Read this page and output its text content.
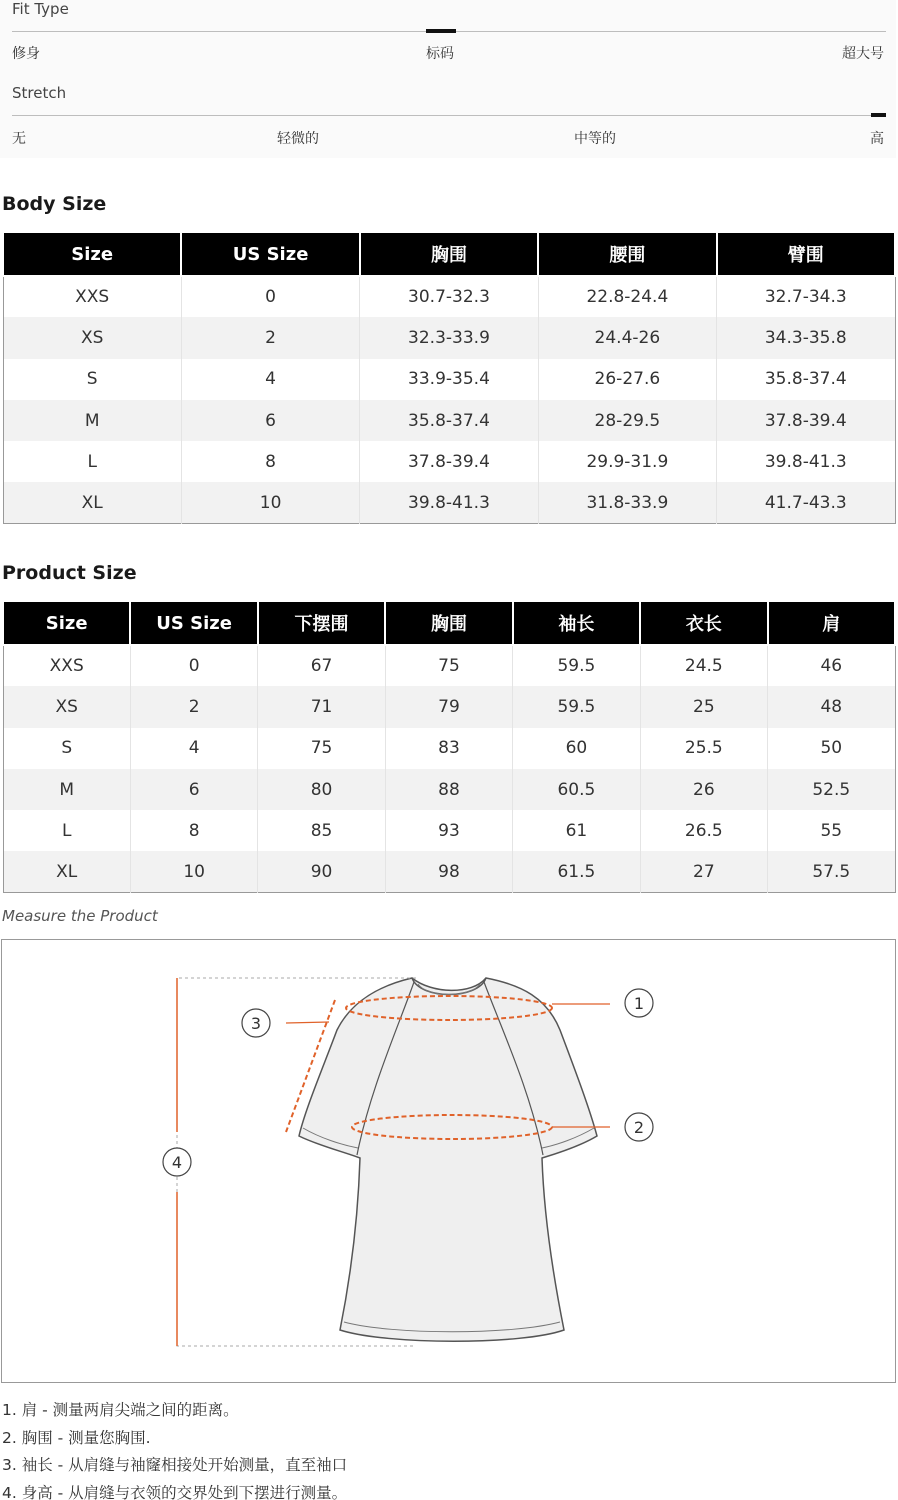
Fit Type
修身	标码	超大号
Stretch
无	轻微的	中等的	高
Body Size
Size	US Size	胸围	腰围	臂围
XXS	0	30.7-32.3	22.8-24.4	32.7-34.3
XS	2	32.3-33.9	24.4-26	34.3-35.8
S	4	33.9-35.4	26-27.6	35.8-37.4
M	6	35.8-37.4	28-29.5	37.8-39.4
L	8	37.8-39.4	29.9-31.9	39.8-41.3
XL	10	39.8-41.3	31.8-33.9	41.7-43.3
Product Size
Size	US Size	下摆围	胸围	袖长	衣长	肩
XXS	0	67	75	59.5	24.5	46
XS	2	71	79	59.5	25	48
S	4	75	83	60	25.5	50
M	6	80	88	60.5	26	52.5
L	8	85	93	61	26.5	55
XL	10	90	98	61.5	27	57.5
Measure the Product
1
2
3
4
1. 肩 - 测量两肩尖端之间的距离。
2. 胸围 - 测量您胸围.
3. 袖长 - 从肩缝与袖窿相接处开始测量，直至袖口
4. 身高 - 从肩缝与衣领的交界处到下摆进行测量。
